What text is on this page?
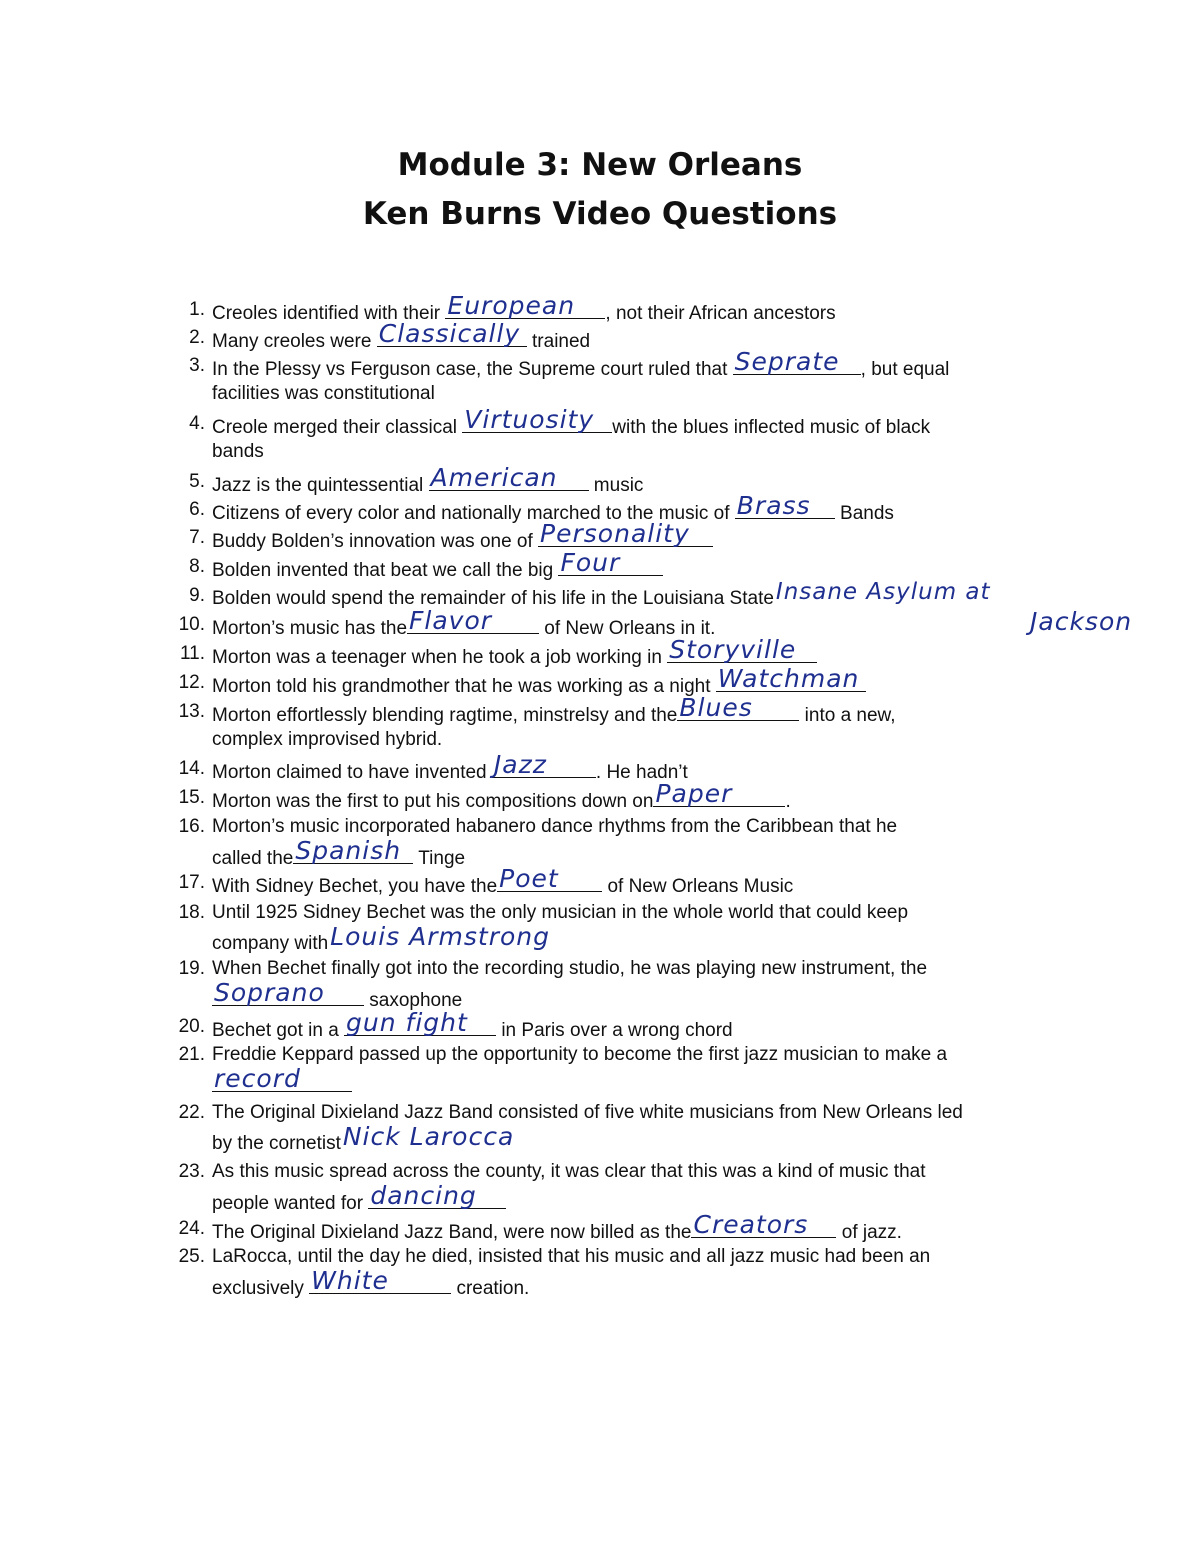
Module 3: New Orleans
Ken Burns Video Questions
1. Creoles identified with their European , not their African ancestors
2. Many creoles were Classically trained
3. In the Plessy vs Ferguson case, the Supreme court ruled that Seprate , but equal
facilities was constitutional
4. Creole merged their classical Virtuosity with the blues inflected music of black
bands
5. Jazz is the quintessential American music
6. Citizens of every color and nationally marched to the music of Brass Bands
7. Buddy Bolden’s innovation was one of Personality
8. Bolden invented that beat we call the big Four
9. Bolden would spend the remainder of his life in the Louisiana State Insane Asylum at
Jackson
10. Morton’s music has the Flavor	of New Orleans in it.
11. Morton was a teenager when he took a job working in Storyville
12. Morton told his grandmother that he was working as a night Watchman
13. Morton effortlessly blending ragtime, minstrelsy and the Blues	into a new,
complex improvised hybrid.
14. Morton claimed to have invented Jazz	. He hadn’t
15. Morton was the first to put his compositions down on Paper	.
16. Morton’s music incorporated habanero dance rhythms from the Caribbean that he
called the Spanish Tinge
17. With Sidney Bechet, you have the Poet	of New Orleans Music
18. Until 1925 Sidney Bechet was the only musician in the whole world that could keep
company with Louis Armstrong
19. When Bechet finally got into the recording studio, he was playing new instrument, the
Soprano saxophone
20. Bechet got in a gun fight in Paris over a wrong chord
21. Freddie Keppard passed up the opportunity to become the first jazz musician to make a
record
22. The Original Dixieland Jazz Band consisted of five white musicians from New Orleans led
by the cornetist Nick Larocca
23. As this music spread across the county, it was clear that this was a kind of music that
people wanted for dancing
24. The Original Dixieland Jazz Band, were now billed as the Creators of jazz.
25. LaRocca, until the day he died, insisted that his music and all jazz music had been an
exclusively White	creation.
